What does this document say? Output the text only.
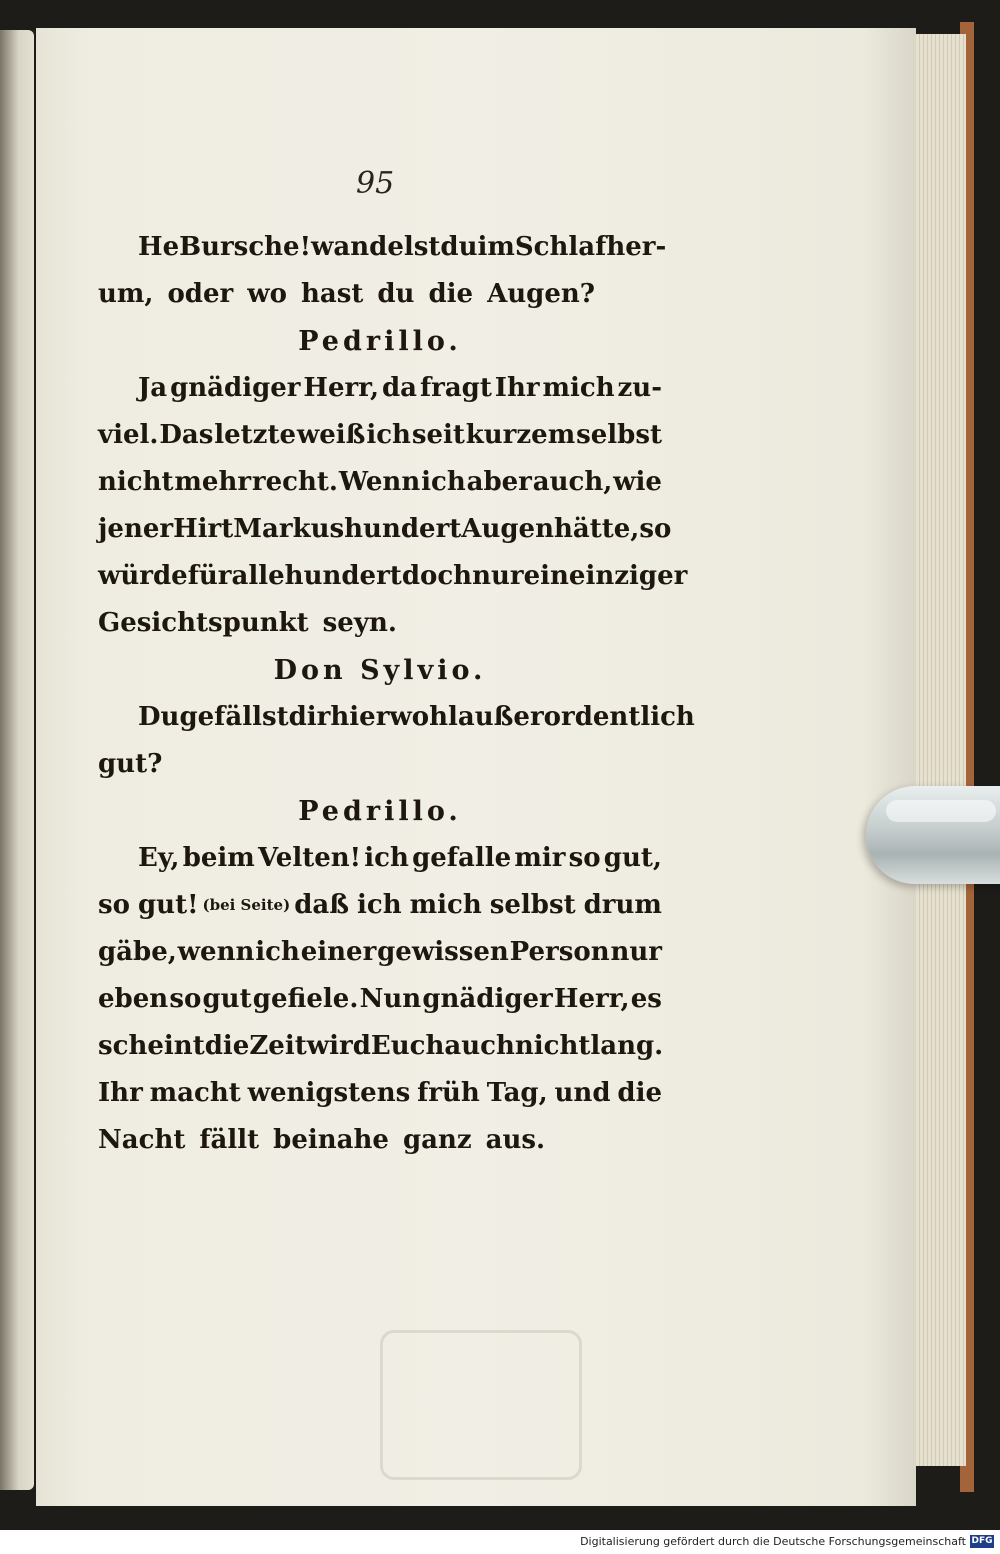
95
He Bursche! wandelst du im Schlaf her-
um, oder wo hast du die Augen?
Pedrillo.
Ja gnädiger Herr, da fragt Ihr mich zu-
viel. Das letzte weiß ich seit kurzem selbst
nicht mehr recht. Wenn ich aber auch, wie
jener Hirt Markus hundert Augen hätte, so
würde für alle hundert doch nur ein einziger
Gesichtspunkt seyn.
Don Sylvio.
Du gefällst dir hier wohl außerordentlich
gut?
Pedrillo.
Ey, beim Velten! ich gefalle mir so gut,
so gut! (bei Seite) daß ich mich selbst drum
gäbe, wenn ich einer gewissen Person nur
eben so gut gefiele. Nun gnädiger Herr, es
scheint die Zeit wird Euch auch nicht lang.
Ihr macht wenigstens früh Tag, und die
Nacht fällt beinahe ganz aus.
Digitalisierung gefördert durch die Deutsche Forschungsgemeinschaft DFG
